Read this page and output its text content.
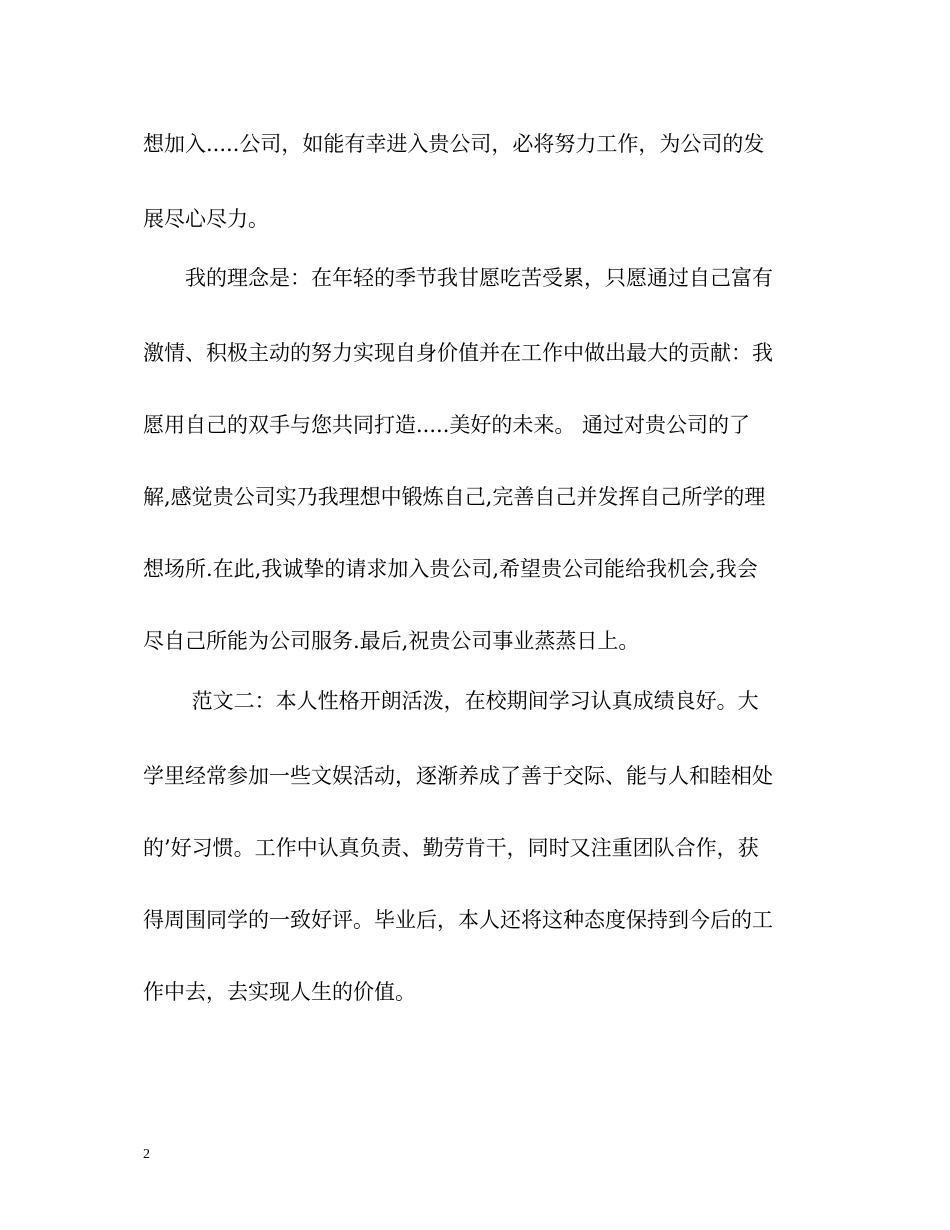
想加入.....公司，如能有幸进入贵公司，必将努力工作，为公司的发
展尽心尽力。
　　我的理念是：在年轻的季节我甘愿吃苦受累，只愿通过自己富有
激情、积极主动的努力实现自身价值并在工作中做出最大的贡献：我
愿用自己的双手与您共同打造.....美好的未来。 通过对贵公司的了
解,感觉贵公司实乃我理想中锻炼自己,完善自己并发挥自己所学的理
想场所.在此,我诚挚的请求加入贵公司,希望贵公司能给我机会,我会
尽自己所能为公司服务.最后,祝贵公司事业蒸蒸日上。
　　 范文二：本人性格开朗活泼，在校期间学习认真成绩良好。大
学里经常参加一些文娱活动，逐渐养成了善于交际、能与人和睦相处
的’好习惯。工作中认真负责、勤劳肯干，同时又注重团队合作，获
得周围同学的一致好评。毕业后，本人还将这种态度保持到今后的工
作中去，去实现人生的价值。
2
